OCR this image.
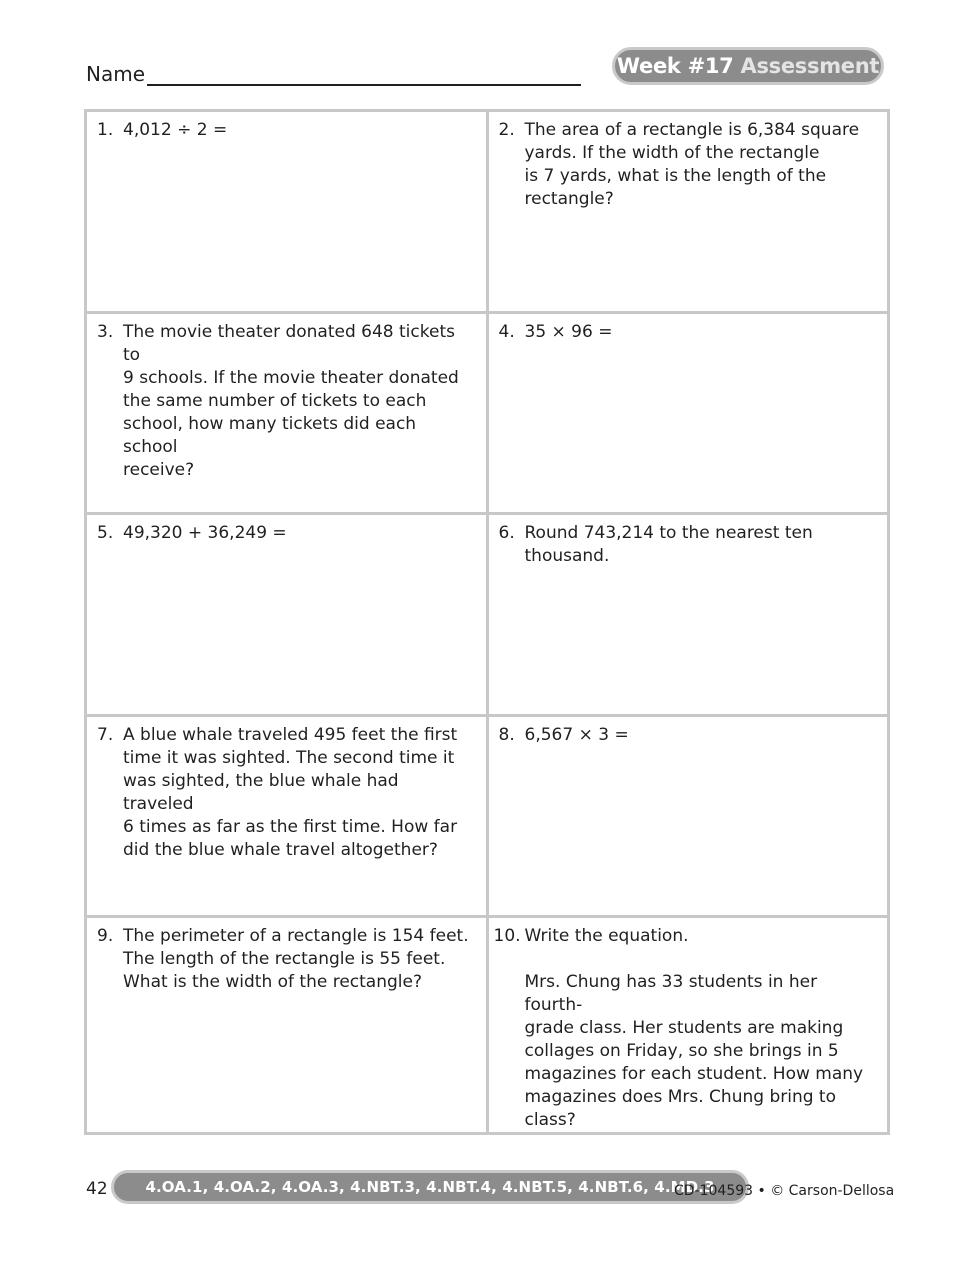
Name	Week #17 Assessment
1. 4,012 ÷ 2 =	2. The area of a rectangle is 6,384 square
yards. If the width of the rectangle
is 7 yards, what is the length of the
rectangle?
3. The movie theater donated 648 tickets to
9 schools. If the movie theater donated
the same number of tickets to each
school, how many tickets did each school
receive?
4. 35 × 96 =
5. 49,320 + 36,249 =	6. Round 743,214 to the nearest ten
thousand.
7. A blue whale traveled 495 feet the first
time it was sighted. The second time it
was sighted, the blue whale had traveled
6 times as far as the first time. How far
did the blue whale travel altogether?
8. 6,567 × 3 =
9. The perimeter of a rectangle is 154 feet.
The length of the rectangle is 55 feet.
What is the width of the rectangle?
10. Write the equation.

Mrs. Chung has 33 students in her fourth-
grade class. Her students are making
collages on Friday, so she brings in 5
magazines for each student. How many
magazines does Mrs. Chung bring to
class?
42	4.OA.1, 4.OA.2, 4.OA.3, 4.NBT.3, 4.NBT.4, 4.NBT.5, 4.NBT.6, 4.MD.3
CD-104593 • © Carson-Dellosa
